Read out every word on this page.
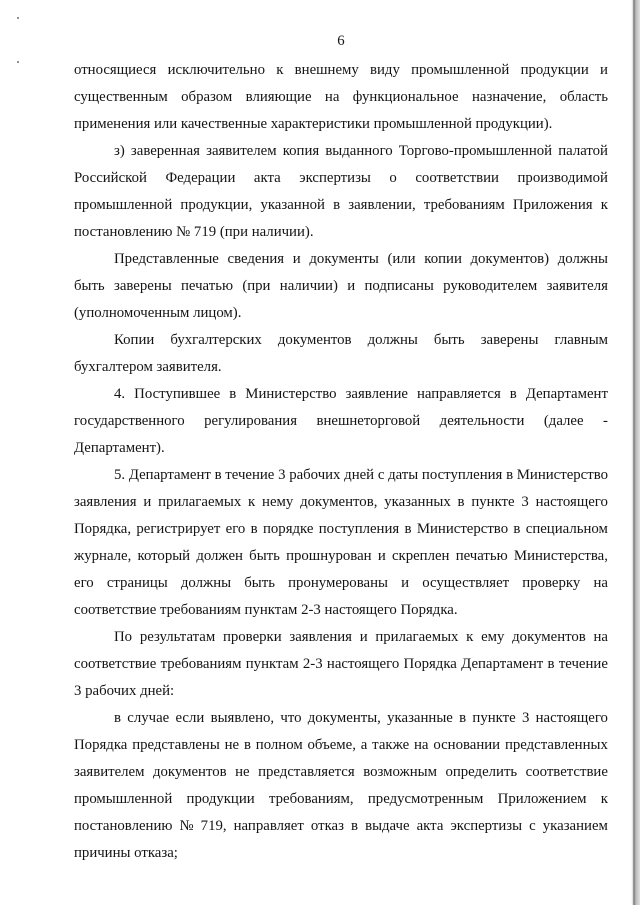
6
относящиеся исключительно к внешнему виду промышленной продукции и
существенным образом влияющие на функциональное назначение, область
применения или качественные характеристики промышленной продукции).
з) заверенная заявителем копия выданного Торгово-промышленной палатой
Российской Федерации акта экспертизы о соответствии производимой
промышленной продукции, указанной в заявлении, требованиям Приложения к
постановлению № 719 (при наличии).
Представленные сведения и документы (или копии документов) должны
быть заверены печатью (при наличии) и подписаны руководителем заявителя
(уполномоченным лицом).
Копии бухгалтерских документов должны быть заверены главным
бухгалтером заявителя.
4. Поступившее в Министерство заявление направляется в Департамент
государственного регулирования внешнеторговой деятельности (далее -
Департамент).
5. Департамент в течение 3 рабочих дней с даты поступления в Министерство
заявления и прилагаемых к нему документов, указанных в пункте 3 настоящего
Порядка, регистрирует его в порядке поступления в Министерство в специальном
журнале, который должен быть прошнурован и скреплен печатью Министерства,
его страницы должны быть пронумерованы и осуществляет проверку на
соответствие требованиям пунктам 2-3 настоящего Порядка.
По результатам проверки заявления и прилагаемых к ему документов на
соответствие требованиям пунктам 2-3 настоящего Порядка Департамент в течение
3 рабочих дней:
в случае если выявлено, что документы, указанные в пункте 3 настоящего
Порядка представлены не в полном объеме, а также на основании представленных
заявителем документов не представляется возможным определить соответствие
промышленной продукции требованиям, предусмотренным Приложением к
постановлению № 719, направляет отказ в выдаче акта экспертизы с указанием
причины отказа;
